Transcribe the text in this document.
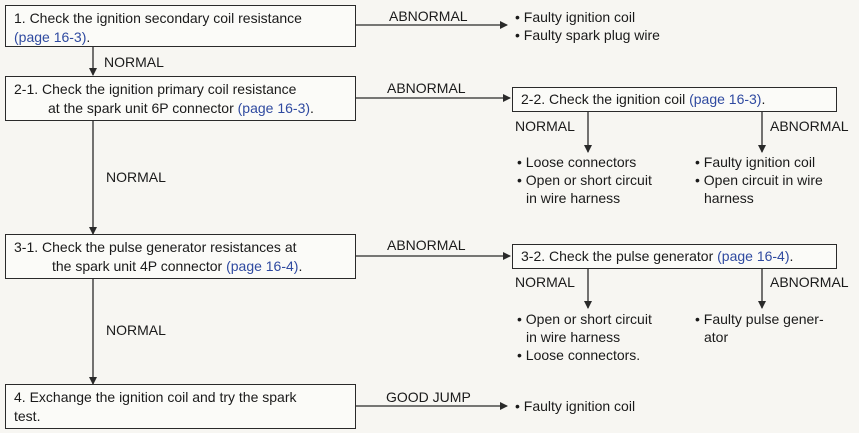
1. Check the ignition secondary coil resistance
(page 16-3).
2-1. Check the ignition primary coil resistance
at the spark unit 6P connector (page 16-3).
3-1. Check the pulse generator resistances at
the spark unit 4P connector (page 16-4).
4. Exchange the ignition coil and try the spark
test.
2-2. Check the ignition coil (page 16-3).
3-2. Check the pulse generator (page 16-4).
ABNORMAL
NORMAL
ABNORMAL
NORMAL
ABNORMAL
NORMAL
GOOD JUMP
NORMAL	ABNORMAL
NORMAL	ABNORMAL
• Faulty ignition coil
• Faulty spark plug wire
• Loose connectors
• Open or short circuit
in wire harness
• Faulty ignition coil
• Open circuit in wire
harness
• Open or short circuit
in wire harness
• Loose connectors.
• Faulty pulse gener-
ator
• Faulty ignition coil
